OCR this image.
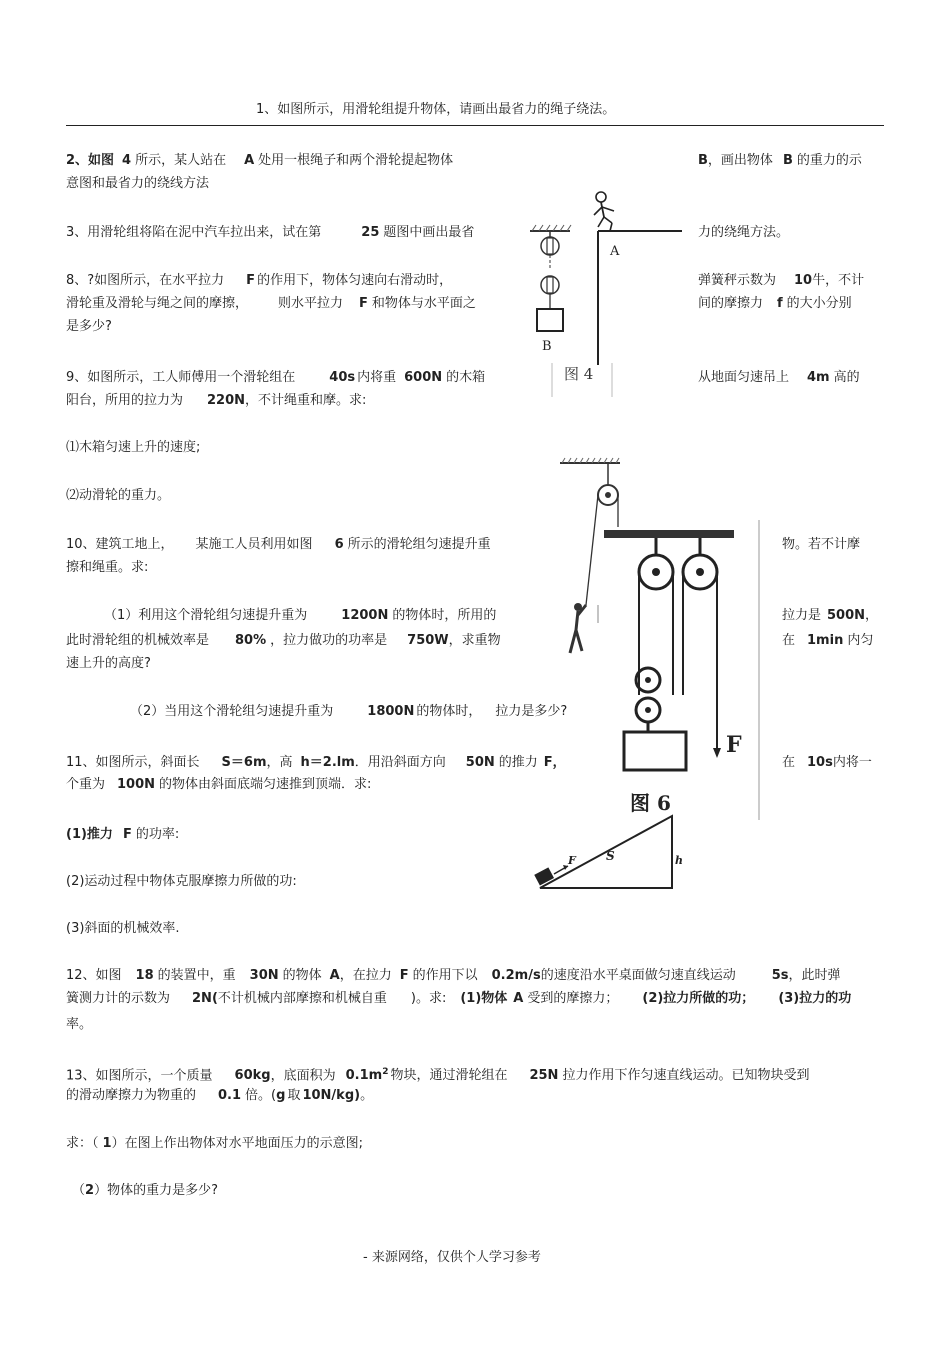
1、如图所示，用滑轮组提升物体，请画出最省力的绳子绕法。
2、如图 4 所示，某人站在 A 处用一根绳子和两个滑轮提起物体	B，画出物体 B 的重力的示
意图和最省力的绕线方法
3、用滑轮组将陷在泥中汽车拉出来，试在第	25 题图中画出最省	力的绕绳方法。
8、?如图所示，在水平拉力 F 的作用下，物体匀速向右滑动时，	弹簧秤示数为 10牛，不计
滑轮重及滑轮与绳之间的摩擦， 则水平拉力 F 和物体与水平面之	间的摩擦力 f 的大小分别
是多少?
9、如图所示，工人师傅用一个滑轮组在	40s 内将重 600N 的木箱	从地面匀速吊上 4m 高的
阳台，所用的拉力为 220N，不计绳重和摩。求:
⑴木箱匀速上升的速度;
⑵动滑轮的重力。
10、建筑工地上， 某施工人员利用如图 6 所示的滑轮组匀速提升重	物。若不计摩
擦和绳重。求:
（1）利用这个滑轮组匀速提升重为	1200N 的物体时，所用的	拉力是 500N，
此时滑轮组的机械效率是 80% ，拉力做功的功率是 750W，求重物	在 1min 内匀
速上升的高度?
（2）当用这个滑轮组匀速提升重为	1800N 的物体时， 拉力是多少?
11、如图所示，斜面长 S＝6m，高 h＝2.lm．用沿斜面方向 50N 的推力 F，	在 10s内将一
个重为 100N 的物体由斜面底端匀速推到顶端．求:
(1)推力 F 的功率:
(2)运动过程中物体克服摩擦力所做的功:
(3)斜面的机械效率.
12、如图 18 的装置中，重 30N 的物体 A，在拉力 F 的作用下以 0.2m/s的速度沿水平桌面做匀速直线运动	5s，此时弹
簧测力计的示数为 2N(不计机械内部摩擦和机械自重 )。求: (1)物体 A 受到的摩擦力； (2)拉力所做的功； (3)拉力的功
率。
13、如图所示，一个质量 60kg，底面积为 $0.1m^2$ 物块，通过滑轮组在 25N 拉力作用下作匀速直线运动。已知物块受到
的滑动摩擦力为物重的 0.1 倍。(g 取 10N/kg)。
求：（ 1）在图上作出物体对水平地面压力的示意图;
（2）物体的重力是多少?
- 来源网络，仅供个人学习参考
B
A
图 4
F
图 6
F	S	h
